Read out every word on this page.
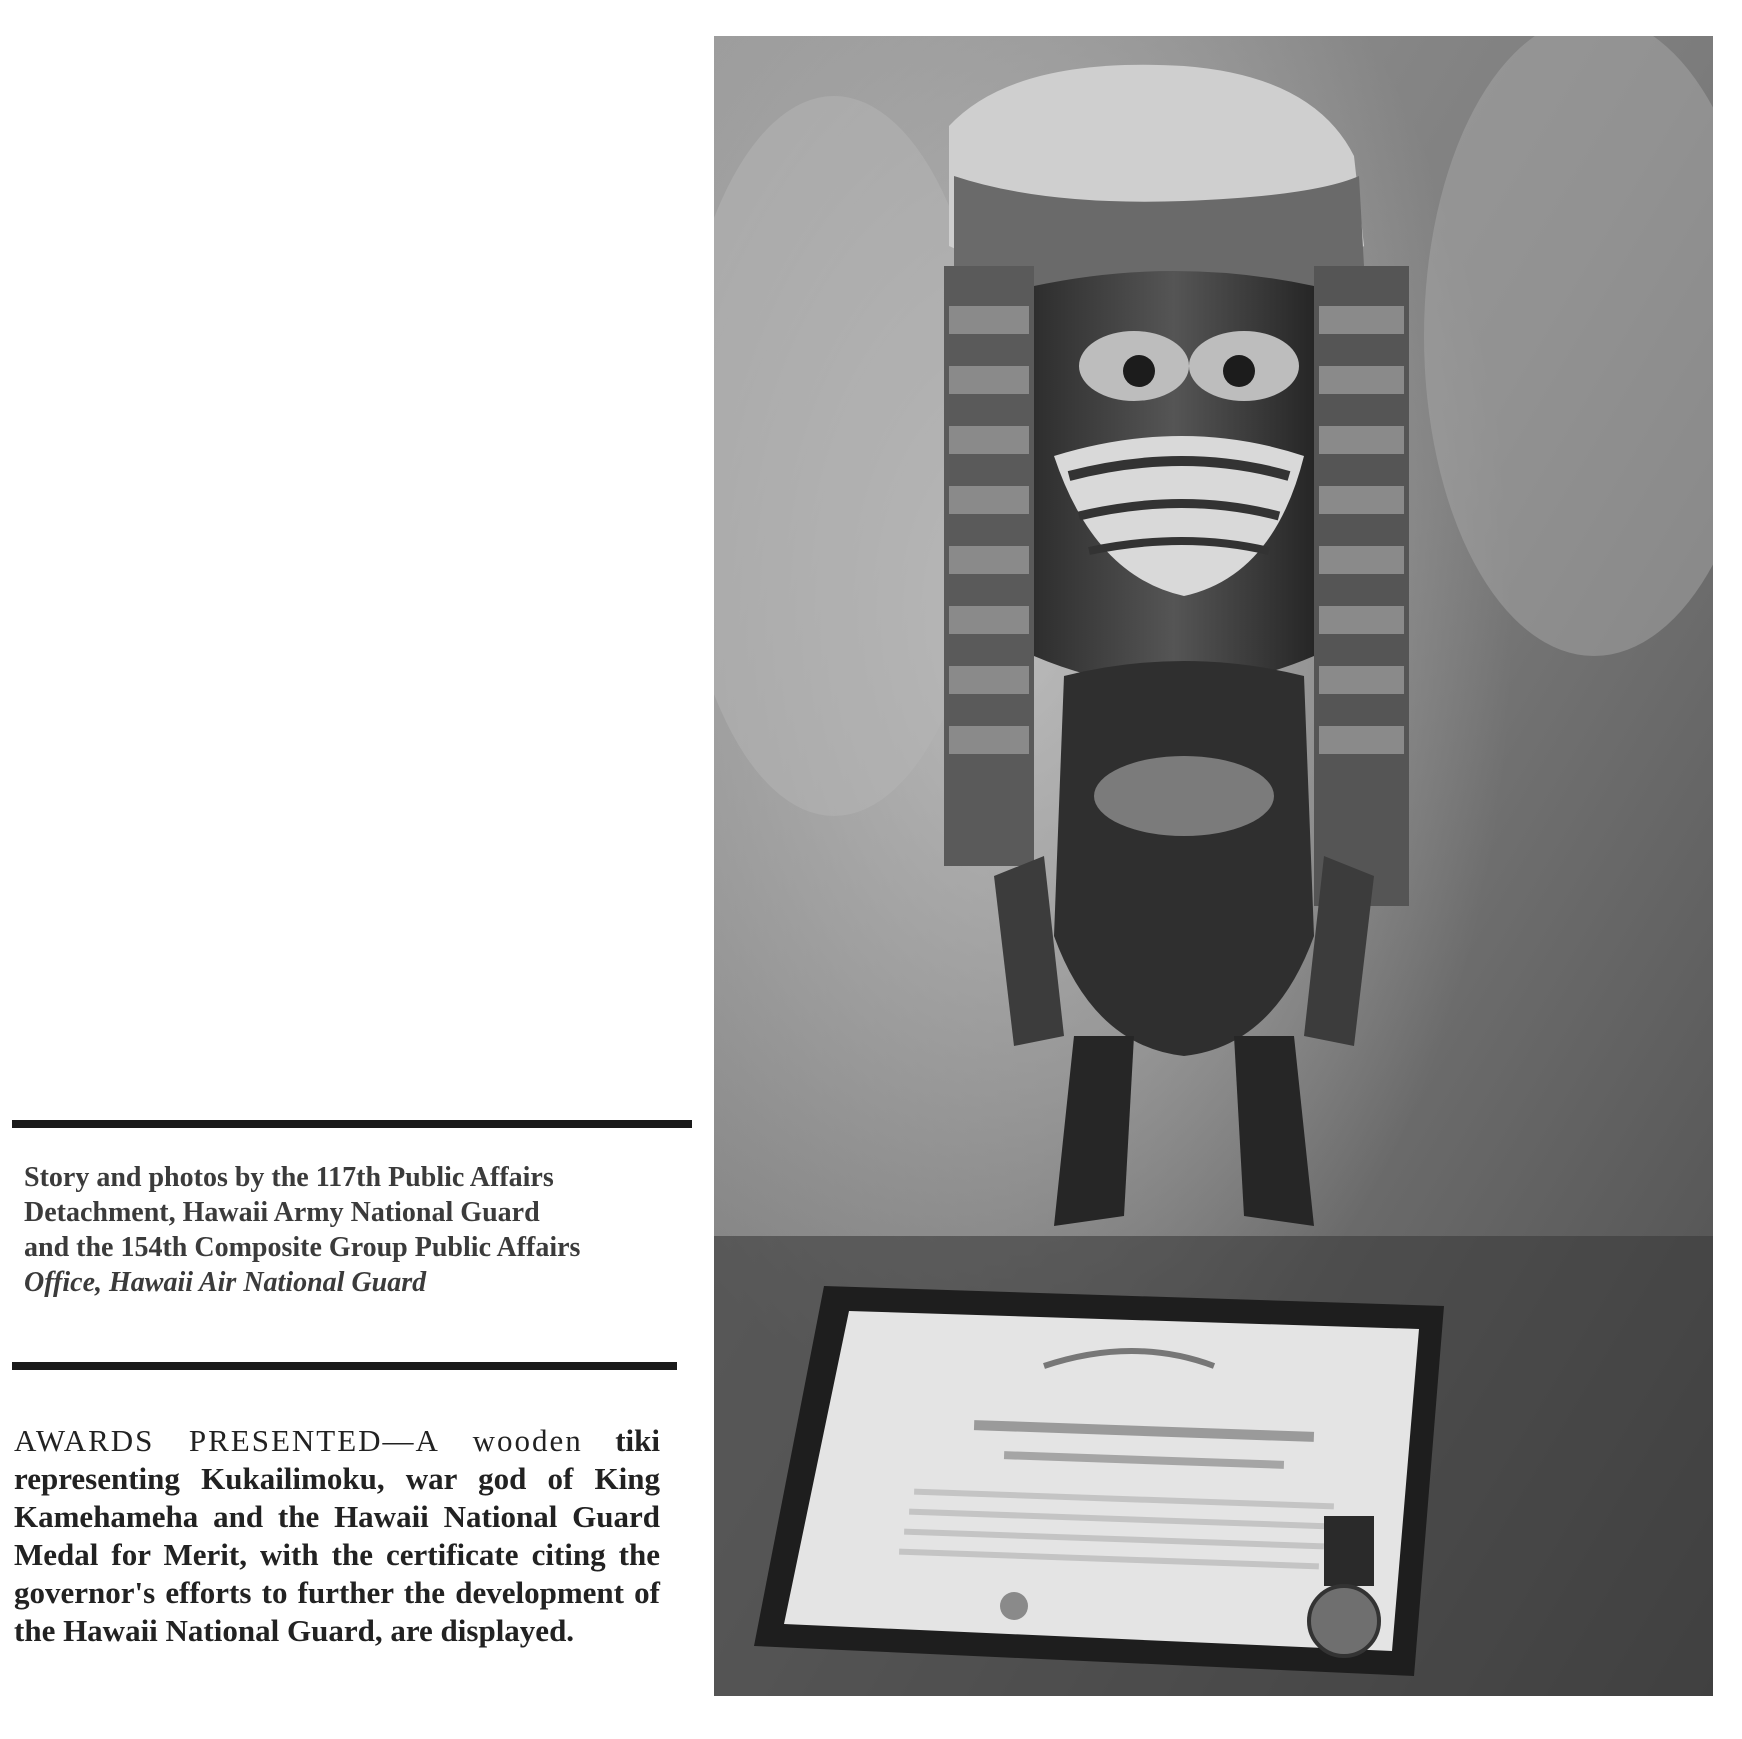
Story and photos by the 117th Public Affairs
Detachment, Hawaii Army National Guard
and the 154th Composite Group Public Affairs
Office, Hawaii Air National Guard
AWARDS PRESENTED—A wooden tiki representing Kukailimoku, war god of King Kamehameha and the Hawaii National Guard Medal for Merit, with the certificate citing the governor's efforts to further the development of the Hawaii National Guard, are displayed.
